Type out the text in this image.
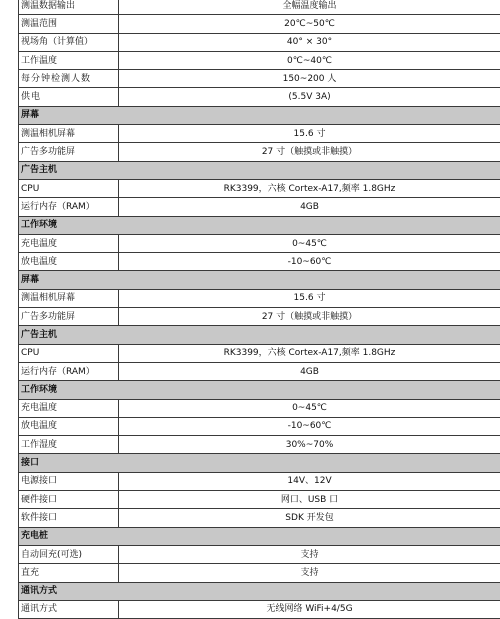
测温数据输出	全幅温度输出
测温范围	20℃~50℃
视场角（计算值）	40° × 30°
工作温度	0℃~40℃
每分钟检测人数	150~200 人
供电	(5.5V 3A)
屏幕	
测温相机屏幕	15.6 寸
广告多功能屏	27 寸（触摸或非触摸）
广告主机	
CPU	RK3399，六核 Cortex-A17,频率 1.8GHz
运行内存（RAM）	4GB
工作环境	
充电温度	0~45℃
放电温度	-10~60℃
屏幕	
测温相机屏幕	15.6 寸
广告多功能屏	27 寸（触摸或非触摸）
广告主机	
CPU	RK3399，六核 Cortex-A17,频率 1.8GHz
运行内存（RAM）	4GB
工作环境	
充电温度	0~45℃
放电温度	-10~60℃
工作湿度	30%~70%
接口	
电源接口	14V、12V
硬件接口	网口、USB 口
软件接口	SDK 开发包
充电桩	
自动回充(可选)	支持
直充	支持
通讯方式	
通讯方式	无线网络 WiFi+4/5G
